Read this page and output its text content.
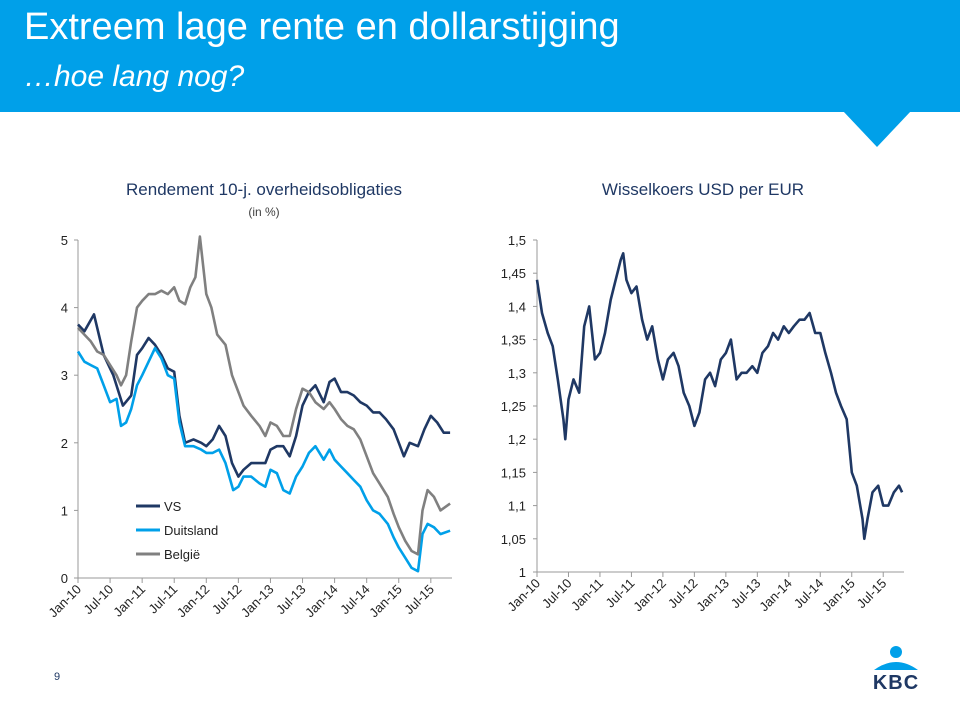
Extreem lage rente en dollarstijging
…hoe lang nog?
Rendement 10-j. overheidsobligaties
(in %)
Wisselkoers USD per EUR
0
1
2
3
4
5
Jan-10
Jul-10
Jan-11
Jul-11
Jan-12
Jul-12
Jan-13
Jul-13
Jan-14
Jul-14
Jan-15
Jul-15
1
1,05
1,1
1,15
1,2
1,25
1,3
1,35
1,4
1,45
1,5
Jan-10
Jul-10
Jan-11
Jul-11
Jan-12
Jul-12
Jan-13
Jul-13
Jan-14
Jul-14
Jan-15
Jul-15
VS
Duitsland
België
9	KBC
